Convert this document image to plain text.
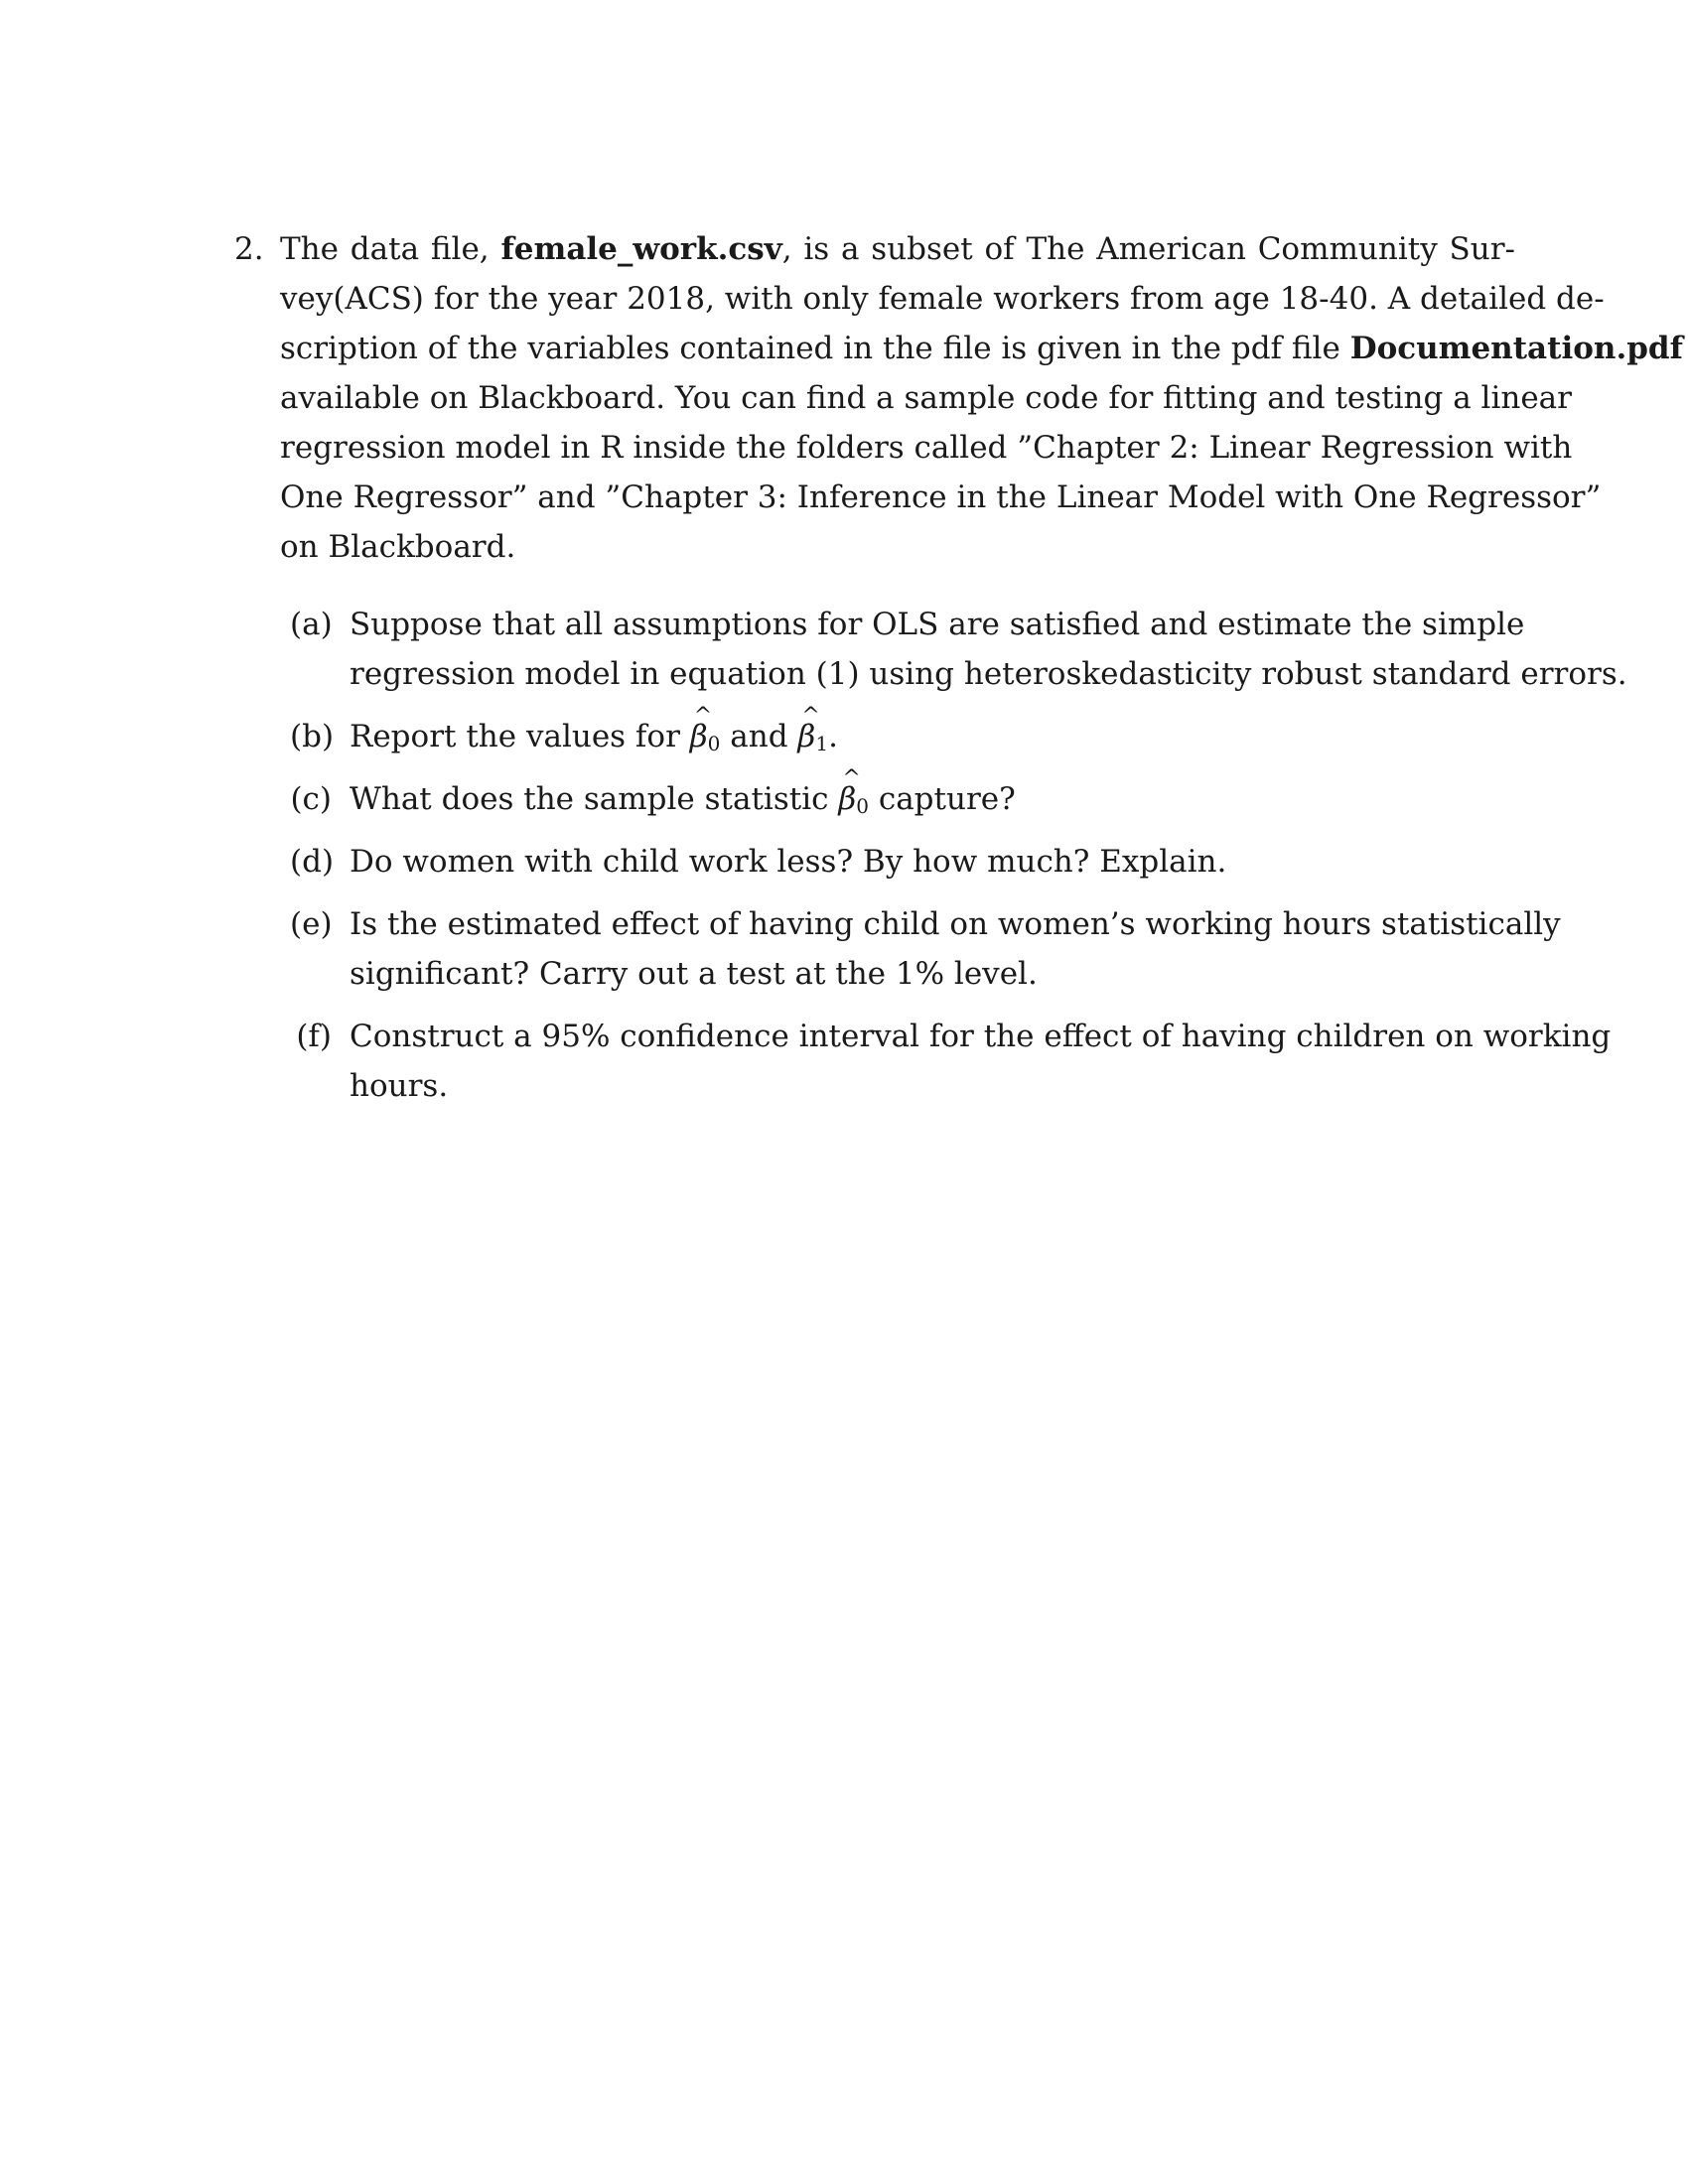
2. The data file, female_work.csv, is a subset of The American Community Sur-
vey(ACS) for the year 2018, with only female workers from age 18-40. A detailed de-
scription of the variables contained in the file is given in the pdf file Documentation.pdf
available on Blackboard. You can find a sample code for fitting and testing a linear
regression model in R inside the folders called ”Chapter 2: Linear Regression with
One Regressor” and ”Chapter 3: Inference in the Linear Model with One Regressor”
on Blackboard.
(a) Suppose that all assumptions for OLS are satisfied and estimate the simple
regression model in equation (1) using heteroskedasticity robust standard errors.
(b) Report the values for ^ $\beta_0$ and ^ $\beta_1$.
(c) What does the sample statistic ^ $\beta_0$ capture?
(d) Do women with child work less? By how much? Explain.
(e) Is the estimated effect of having child on women’s working hours statistically
significant? Carry out a test at the 1% level.
(f) Construct a 95% confidence interval for the effect of having children on working
hours.
